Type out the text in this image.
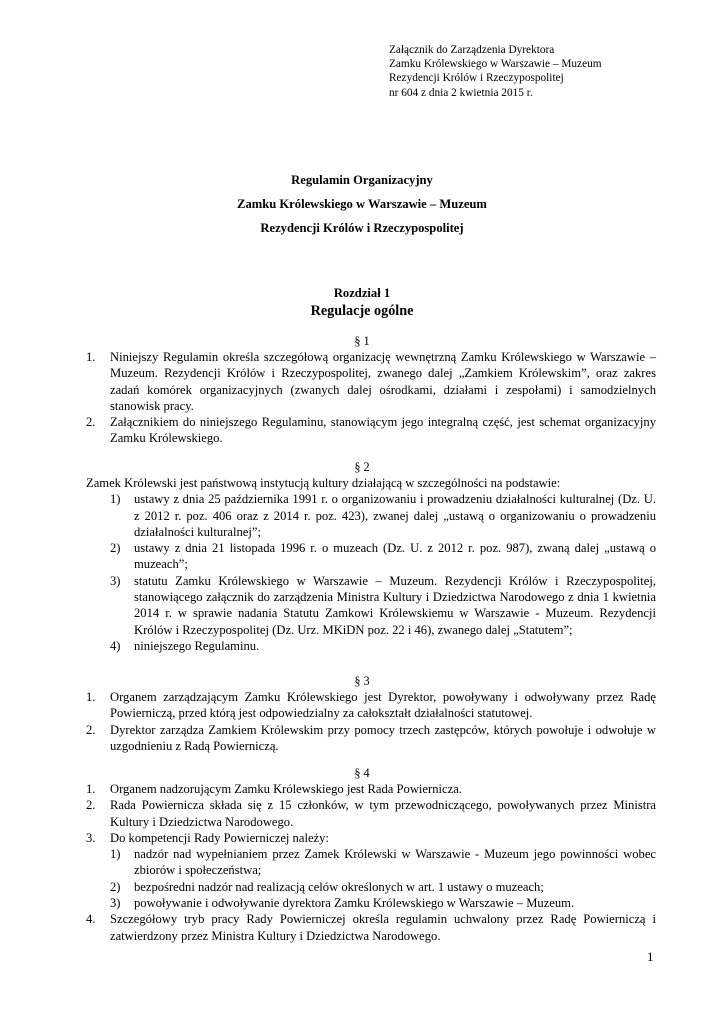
Załącznik do Zarządzenia Dyrektora
Zamku Królewskiego w Warszawie – Muzeum
Rezydencji Królów i Rzeczypospolitej
nr 604 z dnia 2 kwietnia 2015 r.
Regulamin Organizacyjny
Zamku Królewskiego w Warszawie – Muzeum
Rezydencji Królów i Rzeczypospolitej
Rozdział 1
Regulacje ogólne
§ 1
1. Niniejszy Regulamin określa szczegółową organizację wewnętrzną Zamku Królewskiego w Warszawie – Muzeum. Rezydencji Królów i Rzeczypospolitej, zwanego dalej „Zamkiem Królewskim”, oraz zakres zadań komórek organizacyjnych (zwanych dalej ośrodkami, działami i zespołami) i samodzielnych stanowisk pracy.
2. Załącznikiem do niniejszego Regulaminu, stanowiącym jego integralną część, jest schemat organizacyjny Zamku Królewskiego.
§ 2
Zamek Królewski jest państwową instytucją kultury działającą w szczególności na podstawie:
1) ustawy z dnia 25 października 1991 r. o organizowaniu i prowadzeniu działalności kulturalnej (Dz. U. z 2012 r. poz. 406 oraz z 2014 r. poz. 423), zwanej dalej „ustawą o organizowaniu o prowadzeniu działalności kulturalnej”;
2) ustawy z dnia 21 listopada 1996 r. o muzeach (Dz. U. z 2012 r. poz. 987), zwaną dalej „ustawą o muzeach”;
3) statutu Zamku Królewskiego w Warszawie – Muzeum. Rezydencji Królów i Rzeczypospolitej, stanowiącego załącznik do zarządzenia Ministra Kultury i Dziedzictwa Narodowego z dnia 1 kwietnia 2014 r. w sprawie nadania Statutu Zamkowi Królewskiemu w Warszawie - Muzeum. Rezydencji Królów i Rzeczypospolitej (Dz. Urz. MKiDN poz. 22 i 46), zwanego dalej „Statutem”;
4) niniejszego Regulaminu.
§ 3
1. Organem zarządzającym Zamku Królewskiego jest Dyrektor, powoływany i odwoływany przez Radę Powierniczą, przed którą jest odpowiedzialny za całokształt działalności statutowej.
2. Dyrektor zarządza Zamkiem Królewskim przy pomocy trzech zastępców, których powołuje i odwołuje w uzgodnieniu z Radą Powierniczą.
§ 4
1. Organem nadzorującym Zamku Królewskiego jest Rada Powiernicza.
2. Rada Powiernicza składa się z 15 członków, w tym przewodniczącego, powoływanych przez Ministra Kultury i Dziedzictwa Narodowego.
3. Do kompetencji Rady Powierniczej należy:
1) nadzór nad wypełnianiem przez Zamek Królewski w Warszawie - Muzeum jego powinności wobec zbiorów i społeczeństwa;
2) bezpośredni nadzór nad realizacją celów określonych w art. 1 ustawy o muzeach;
3) powoływanie i odwoływanie dyrektora Zamku Królewskiego w Warszawie – Muzeum.
4. Szczegółowy tryb pracy Rady Powierniczej określa regulamin uchwalony przez Radę Powierniczą i zatwierdzony przez Ministra Kultury i Dziedzictwa Narodowego.
1
